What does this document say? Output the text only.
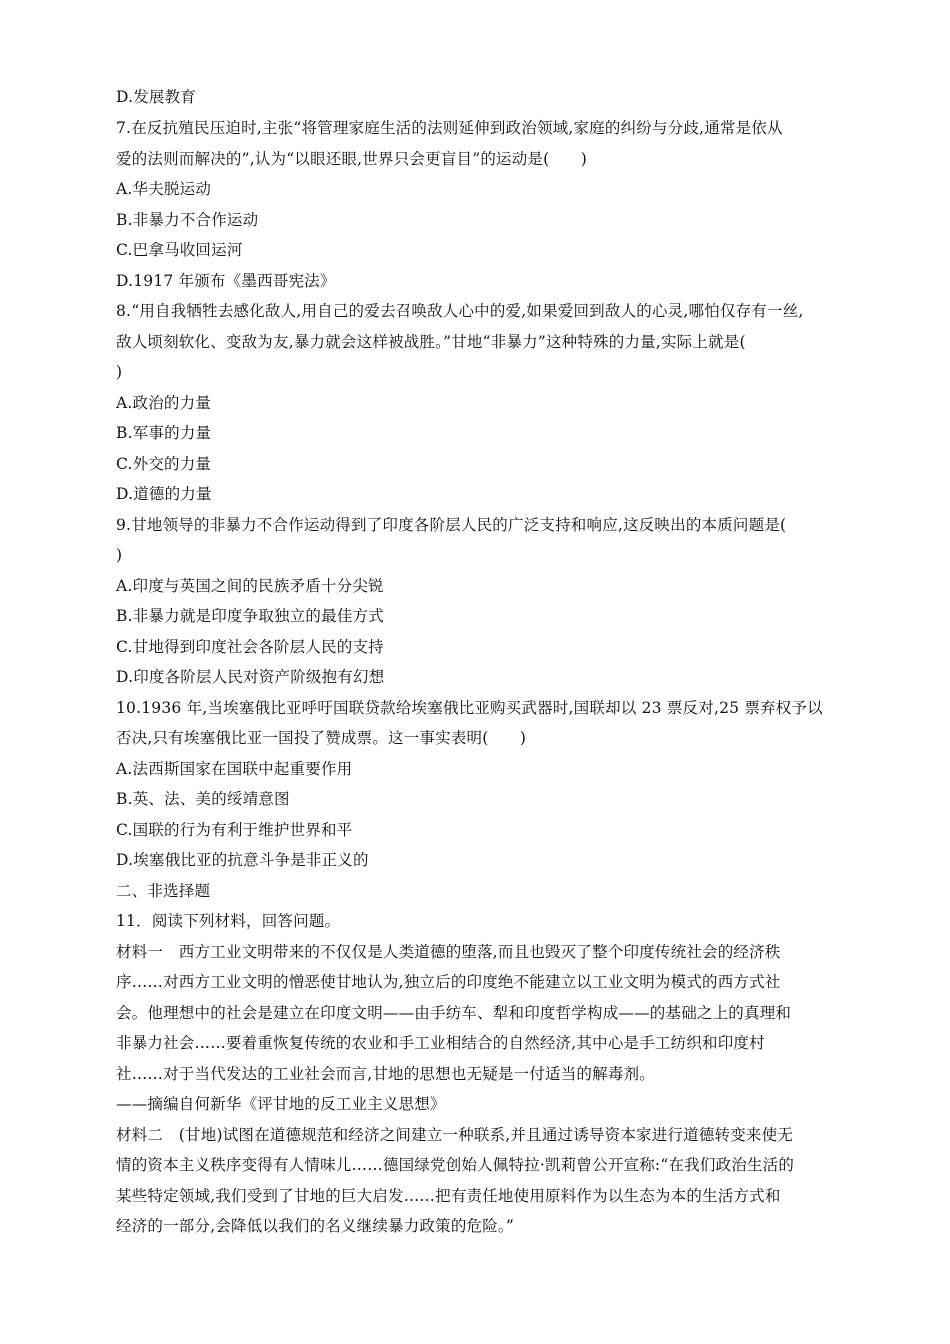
D.发展教育
7.在反抗殖民压迫时,主张“将管理家庭生活的法则延伸到政治领域,家庭的纠纷与分歧,通常是依从
爱的法则而解决的”,认为“以眼还眼,世界只会更盲目”的运动是(　　)
A.华夫脱运动
B.非暴力不合作运动
C.巴拿马收回运河
D.1917 年颁布《墨西哥宪法》
8.“用自我牺牲去感化敌人,用自己的爱去召唤敌人心中的爱,如果爱回到敌人的心灵,哪怕仅存有一丝,
敌人顷刻软化、变敌为友,暴力就会这样被战胜。”甘地“非暴力”这种特殊的力量,实际上就是(
)
A.政治的力量
B.军事的力量
C.外交的力量
D.道德的力量
9.甘地领导的非暴力不合作运动得到了印度各阶层人民的广泛支持和响应,这反映出的本质问题是(
)
A.印度与英国之间的民族矛盾十分尖锐
B.非暴力就是印度争取独立的最佳方式
C.甘地得到印度社会各阶层人民的支持
D.印度各阶层人民对资产阶级抱有幻想
10.1936 年,当埃塞俄比亚呼吁国联贷款给埃塞俄比亚购买武器时,国联却以 23 票反对,25 票弃权予以
否决,只有埃塞俄比亚一国投了赞成票。这一事实表明(　　)
A.法西斯国家在国联中起重要作用
B.英、法、美的绥靖意图
C.国联的行为有利于维护世界和平
D.埃塞俄比亚的抗意斗争是非正义的
二、非选择题
11．阅读下列材料，回答问题。
材料一　西方工业文明带来的不仅仅是人类道德的堕落,而且也毁灭了整个印度传统社会的经济秩
序……对西方工业文明的憎恶使甘地认为,独立后的印度绝不能建立以工业文明为模式的西方式社
会。他理想中的社会是建立在印度文明——由手纺车、犁和印度哲学构成——的基础之上的真理和
非暴力社会……要着重恢复传统的农业和手工业相结合的自然经济,其中心是手工纺织和印度村
社……对于当代发达的工业社会而言,甘地的思想也无疑是一付适当的解毒剂。
——摘编自何新华《评甘地的反工业主义思想》
材料二　(甘地)试图在道德规范和经济之间建立一种联系,并且通过诱导资本家进行道德转变来使无
情的资本主义秩序变得有人情味儿……德国绿党创始人佩特拉·凯莉曾公开宣称:“在我们政治生活的
某些特定领域,我们受到了甘地的巨大启发……把有责任地使用原料作为以生态为本的生活方式和
经济的一部分,会降低以我们的名义继续暴力政策的危险。”
